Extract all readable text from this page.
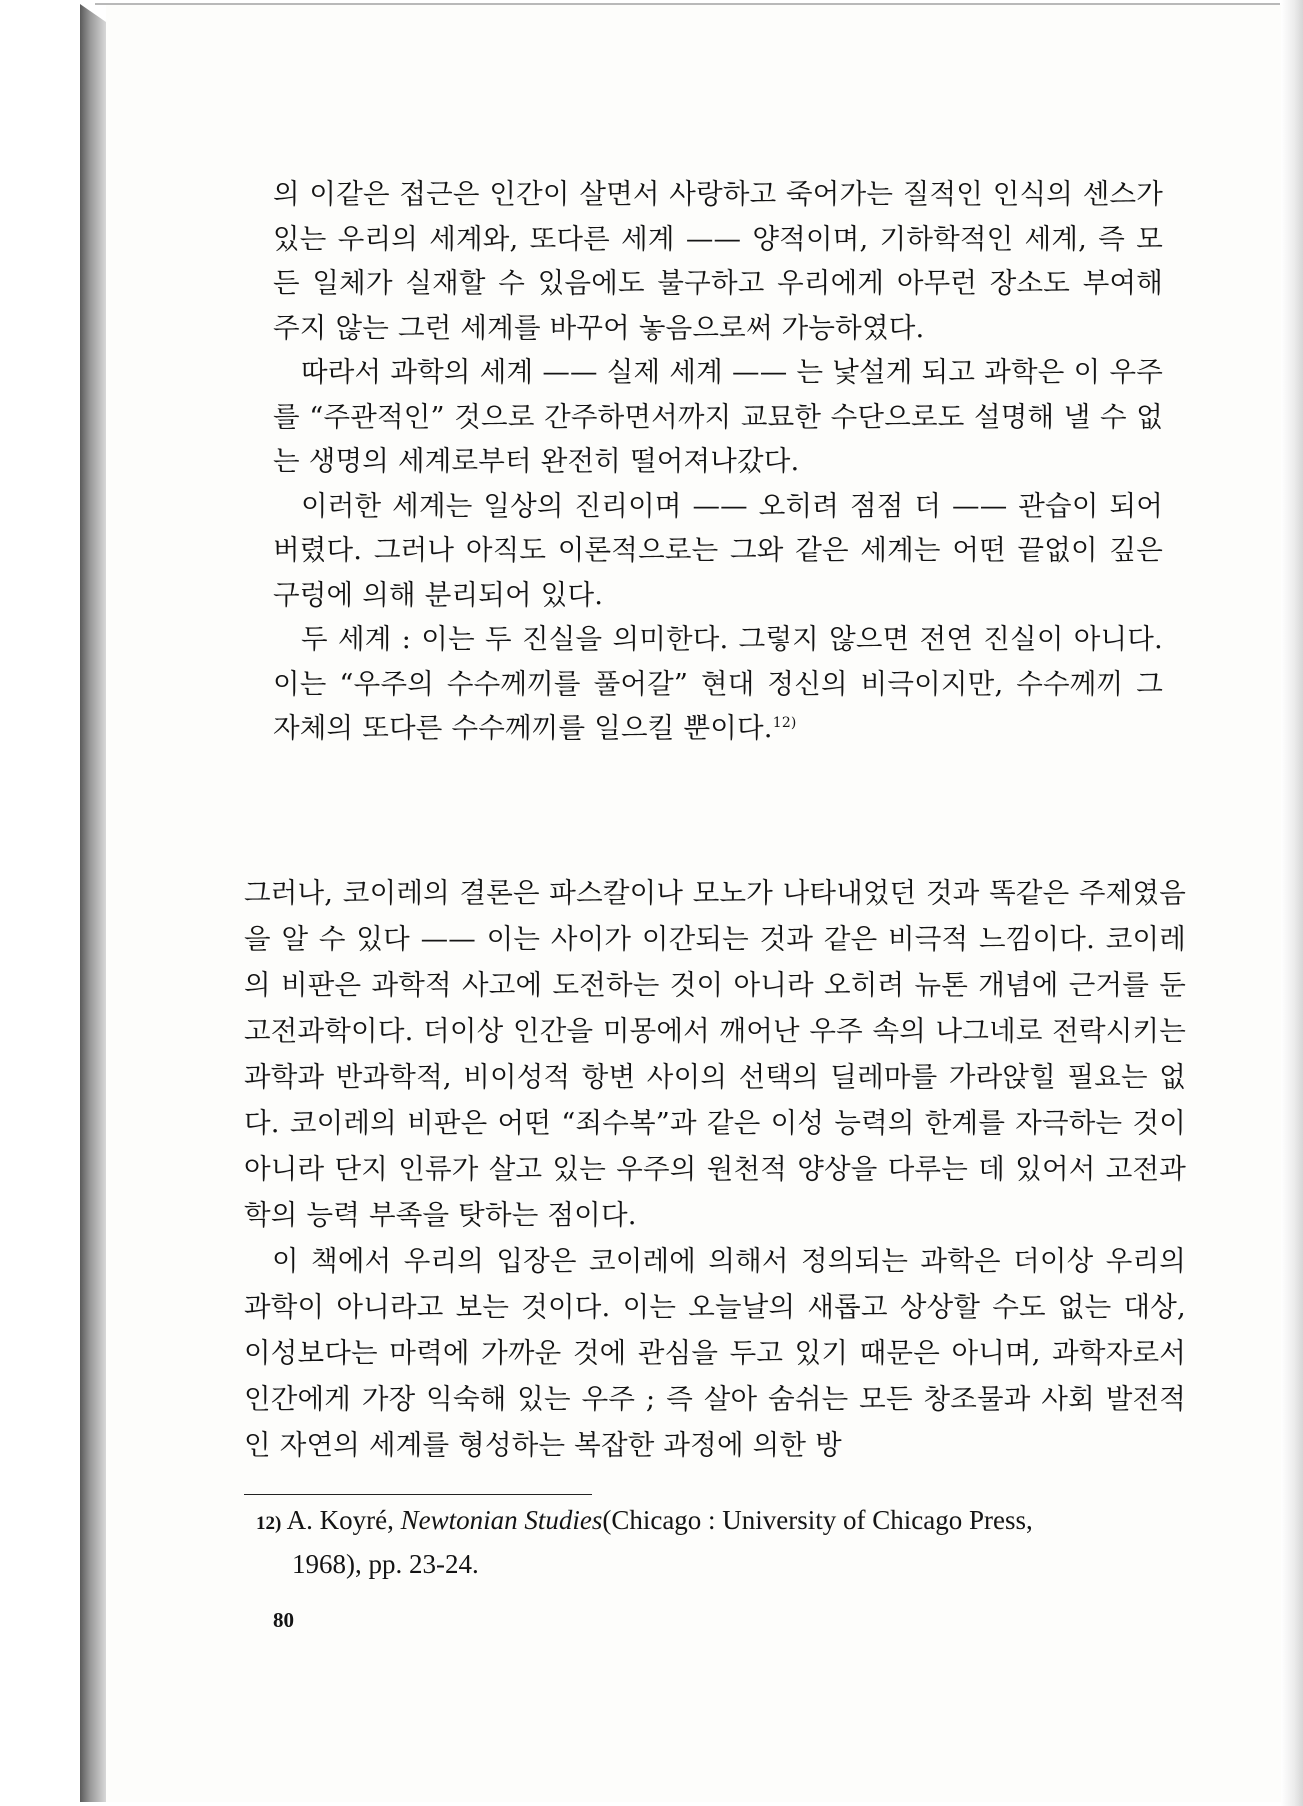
의 이같은 접근은 인간이 살면서 사랑하고 죽어가는 질적인 인식의 센스가 있는 우리의 세계와, 또다른 세계 —— 양적이며, 기하학적인 세계, 즉 모든 일체가 실재할 수 있음에도 불구하고 우리에게 아무런 장소도 부여해 주지 않는 그런 세계를 바꾸어 놓음으로써 가능하였다.

따라서 과학의 세계 —— 실제 세계 —— 는 낯설게 되고 과학은 이 우주를 “주관적인” 것으로 간주하면서까지 교묘한 수단으로도 설명해 낼 수 없는 생명의 세계로부터 완전히 떨어져나갔다.

이러한 세계는 일상의 진리이며 —— 오히려 점점 더 —— 관습이 되어 버렸다. 그러나 아직도 이론적으로는 그와 같은 세계는 어떤 끝없이 깊은 구렁에 의해 분리되어 있다.

두 세계 : 이는 두 진실을 의미한다. 그렇지 않으면 전연 진실이 아니다. 이는 “우주의 수수께끼를 풀어갈” 현대 정신의 비극이지만, 수수께끼 그 자체의 또다른 수수께끼를 일으킬 뿐이다.$^{12)}$

그러나, 코이레의 결론은 파스칼이나 모노가 나타내었던 것과 똑같은 주제였음을 알 수 있다 —— 이는 사이가 이간되는 것과 같은 비극적 느낌이다. 코이레의 비판은 과학적 사고에 도전하는 것이 아니라 오히려 뉴톤 개념에 근거를 둔 고전과학이다. 더이상 인간을 미몽에서 깨어난 우주 속의 나그네로 전락시키는 과학과 반과학적, 비이성적 항변 사이의 선택의 딜레마를 가라앉힐 필요는 없다. 코이레의 비판은 어떤 “죄수복”과 같은 이성 능력의 한계를 자극하는 것이 아니라 단지 인류가 살고 있는 우주의 원천적 양상을 다루는 데 있어서 고전과학의 능력 부족을 탓하는 점이다.

이 책에서 우리의 입장은 코이레에 의해서 정의되는 과학은 더이상 우리의 과학이 아니라고 보는 것이다. 이는 오늘날의 새롭고 상상할 수도 없는 대상, 이성보다는 마력에 가까운 것에 관심을 두고 있기 때문은 아니며, 과학자로서 인간에게 가장 익숙해 있는 우주 ; 즉 살아 숨쉬는 모든 창조물과 사회 발전적인 자연의 세계를 형성하는 복잡한 과정에 의한 방

12) A. Koyré, Newtonian Studies(Chicago : University of Chicago Press,

1968), pp. 23-24.

80
